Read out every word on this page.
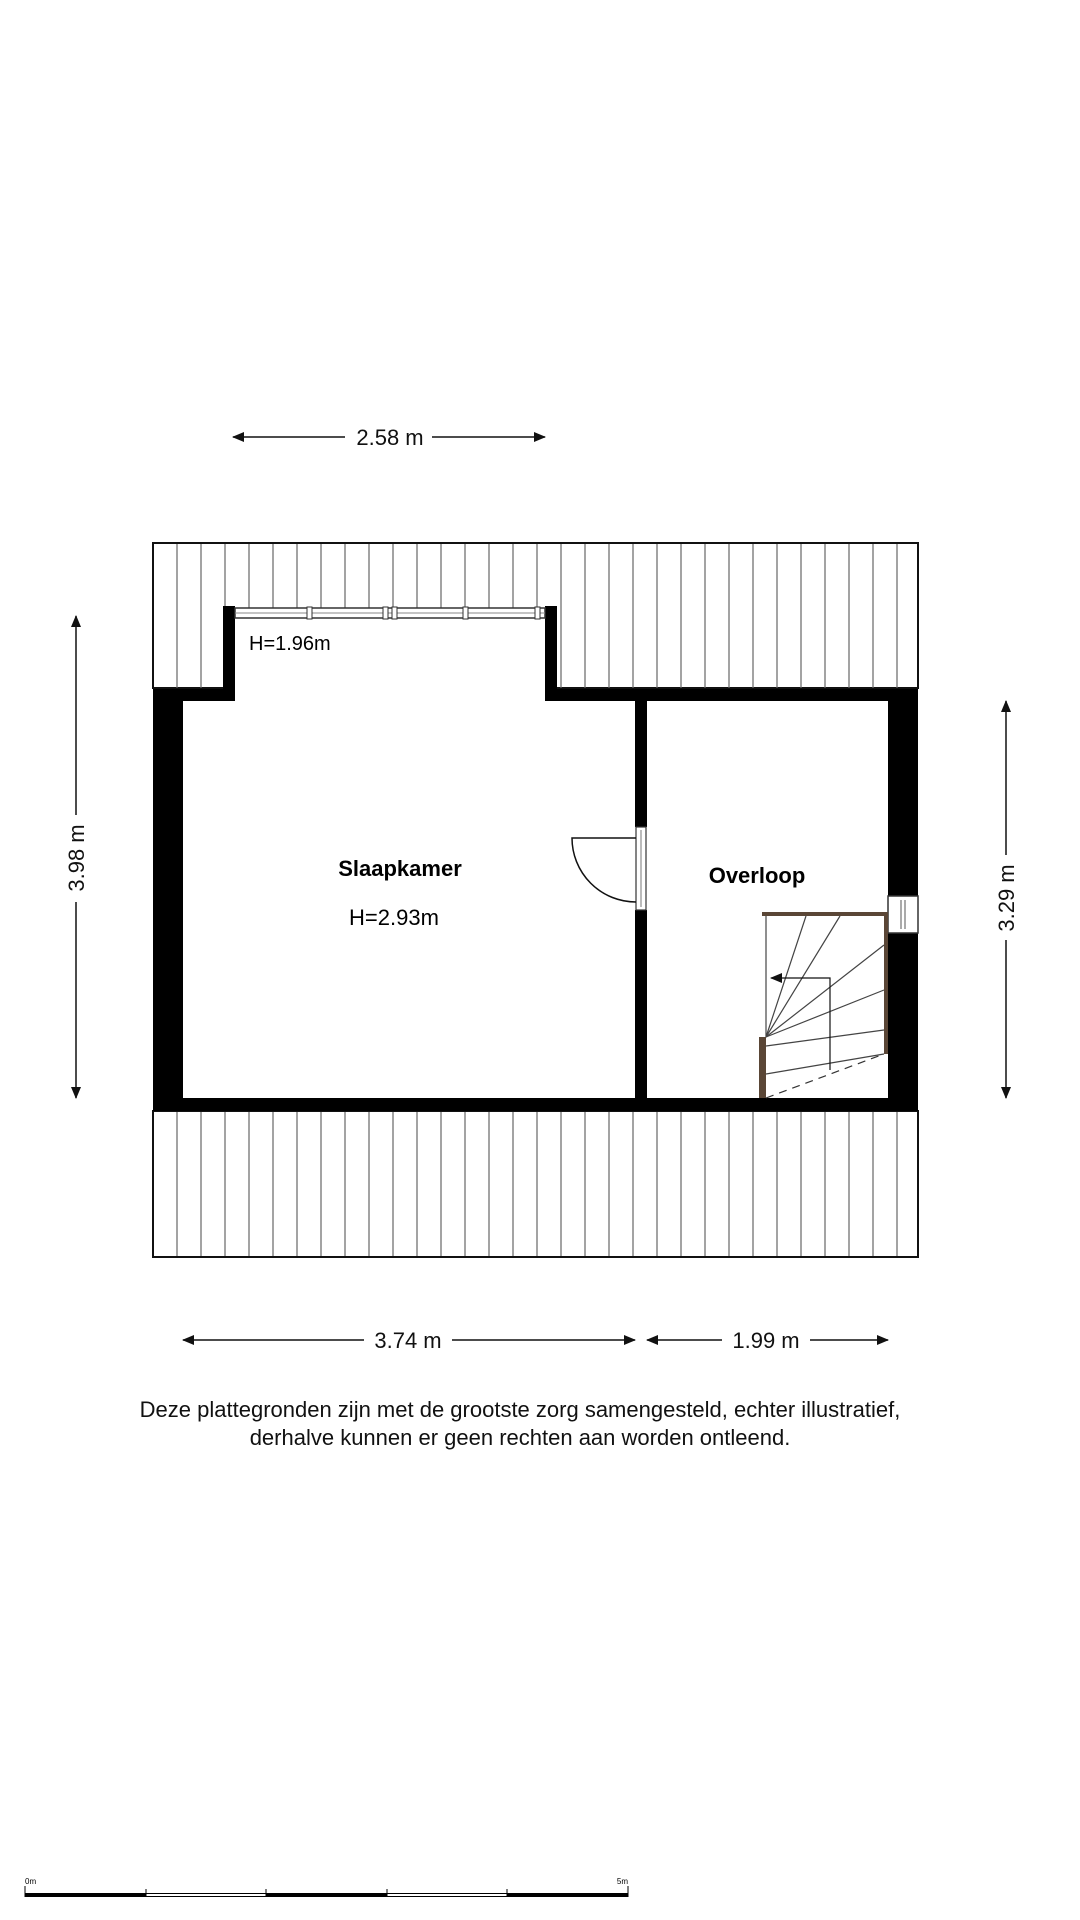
Slaapkamer
H=2.93m
Overloop
H=1.96m
2.58 m
3.98 m
3.29 m
3.74 m	1.99 m
0m	5m
Deze plattegronden zijn met de grootste zorg samengesteld, echter illustratief,
derhalve kunnen er geen rechten aan worden ontleend.
